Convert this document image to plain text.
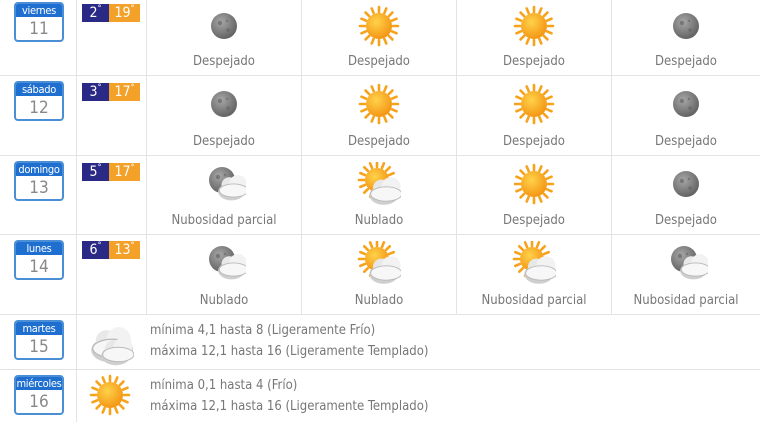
viernes
11
2° 19°
Despejado	Despejado	Despejado	Despejado
sábado
12
3° 17°
Despejado	Despejado	Despejado	Despejado
domingo
13
5° 17°
Nubosidad parcial	Nublado	Despejado	Despejado
lunes
14
6° 13°
Nublado	Nublado	Nubosidad parcial	Nubosidad parcial
martes
15
mínima 4,1 hasta 8 (Ligeramente Frío)
máxima 12,1 hasta 16 (Ligeramente Templado)
miércoles
16
mínima 0,1 hasta 4 (Frío)
máxima 12,1 hasta 16 (Ligeramente Templado)
